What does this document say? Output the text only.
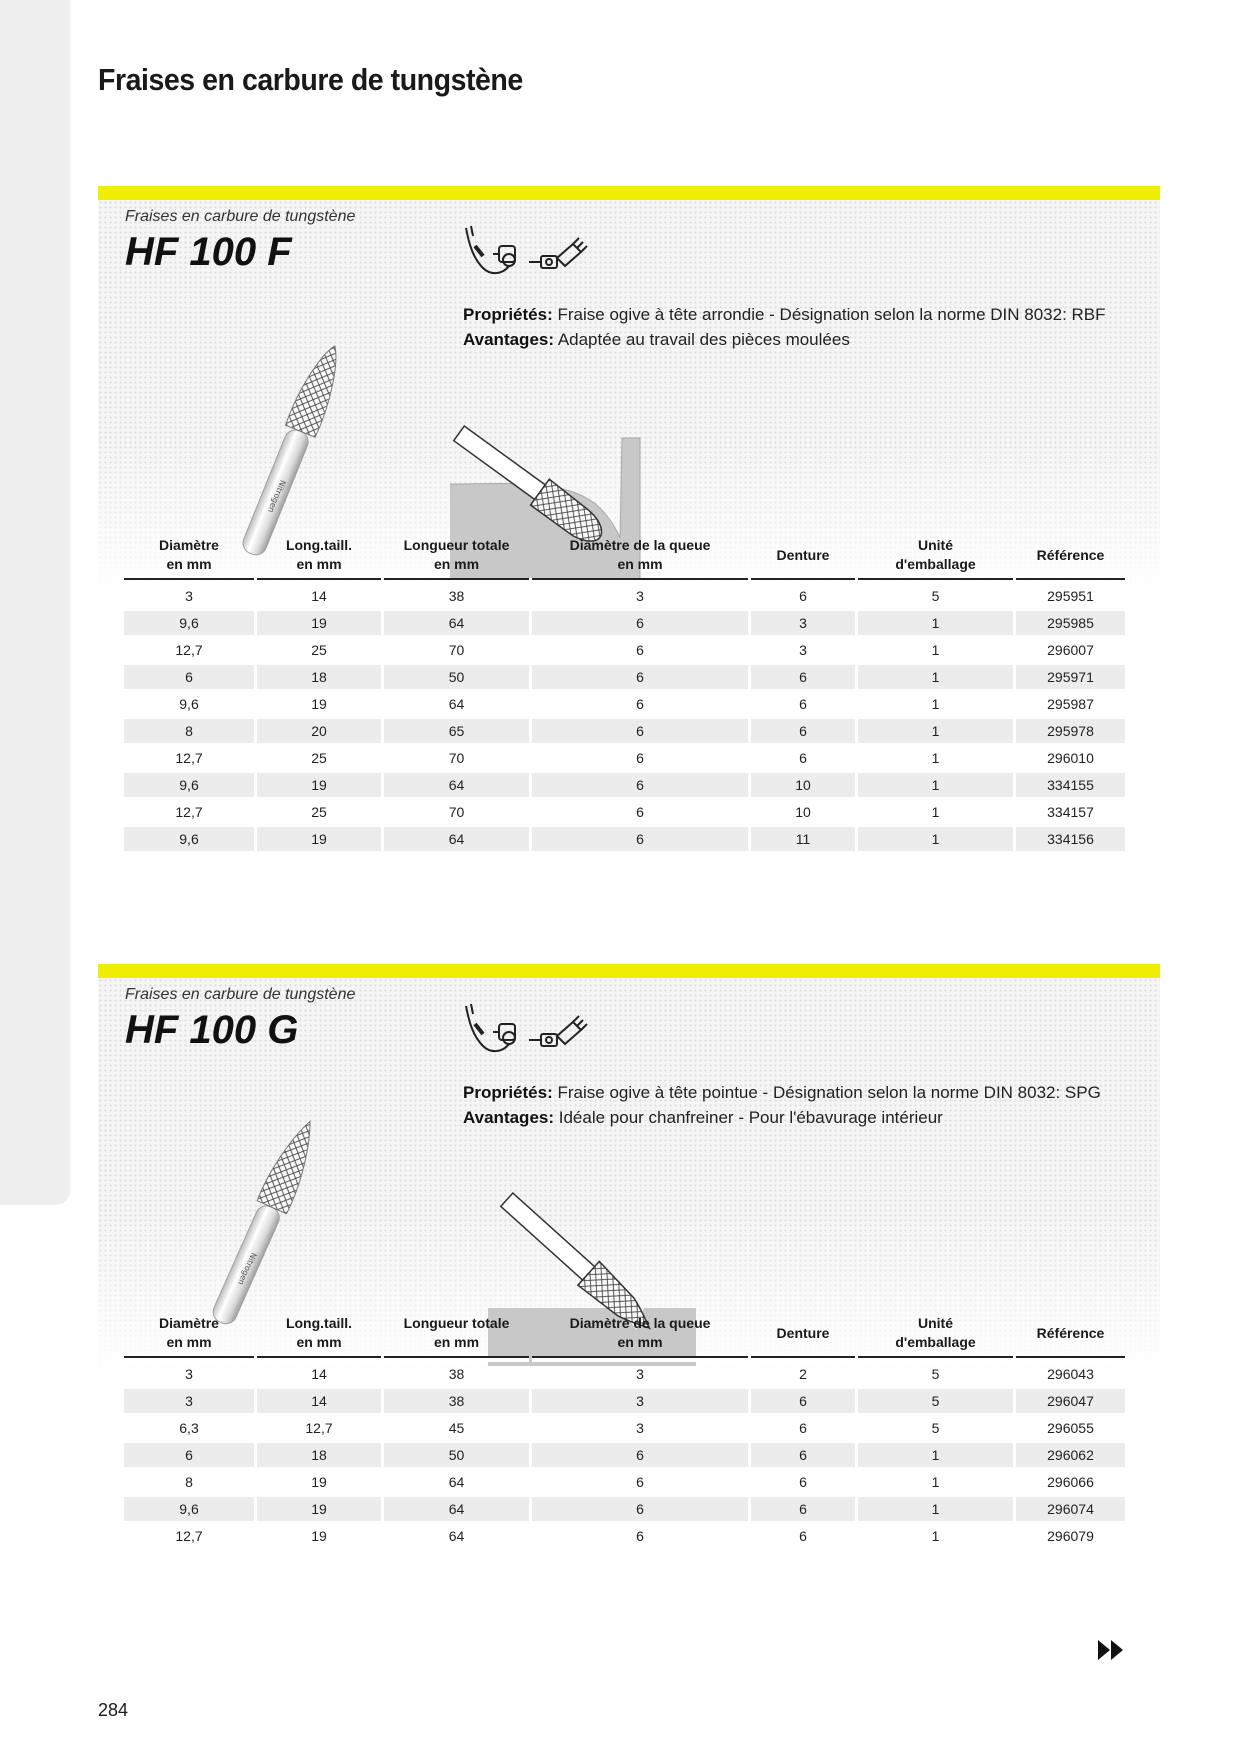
Fraises en carbure de tungstène
Fraises en carbure de tungstène
HF 100 F
Propriétés: Fraise ogive à tête arrondie - Désignation selon la norme DIN 8032: RBF
Avantages: Adaptée au travail des pièces moulées
Nitrogen
Diamètre
en mm	Long.taill.
en mm	Longueur totale
en mm	Diamètre de la queue
en mm	Denture	Unité
d'emballage	Référence
3	14	38	3	6	5	295951
9,6	19	64	6	3	1	295985
12,7	25	70	6	3	1	296007
6	18	50	6	6	1	295971
9,6	19	64	6	6	1	295987
8	20	65	6	6	1	295978
12,7	25	70	6	6	1	296010
9,6	19	64	6	10	1	334155
12,7	25	70	6	10	1	334157
9,6	19	64	6	11	1	334156
Fraises en carbure de tungstène
HF 100 G
Propriétés: Fraise ogive à tête pointue - Désignation selon la norme DIN 8032: SPG
Avantages: Idéale pour chanfreiner - Pour l'ébavurage intérieur
Nitrogen
Diamètre
en mm	Long.taill.
en mm	Longueur totale
en mm	Diamètre de la queue
en mm	Denture	Unité
d'emballage	Référence
3	14	38	3	2	5	296043
3	14	38	3	6	5	296047
6,3	12,7	45	3	6	5	296055
6	18	50	6	6	1	296062
8	19	64	6	6	1	296066
9,6	19	64	6	6	1	296074
12,7	19	64	6	6	1	296079
284
